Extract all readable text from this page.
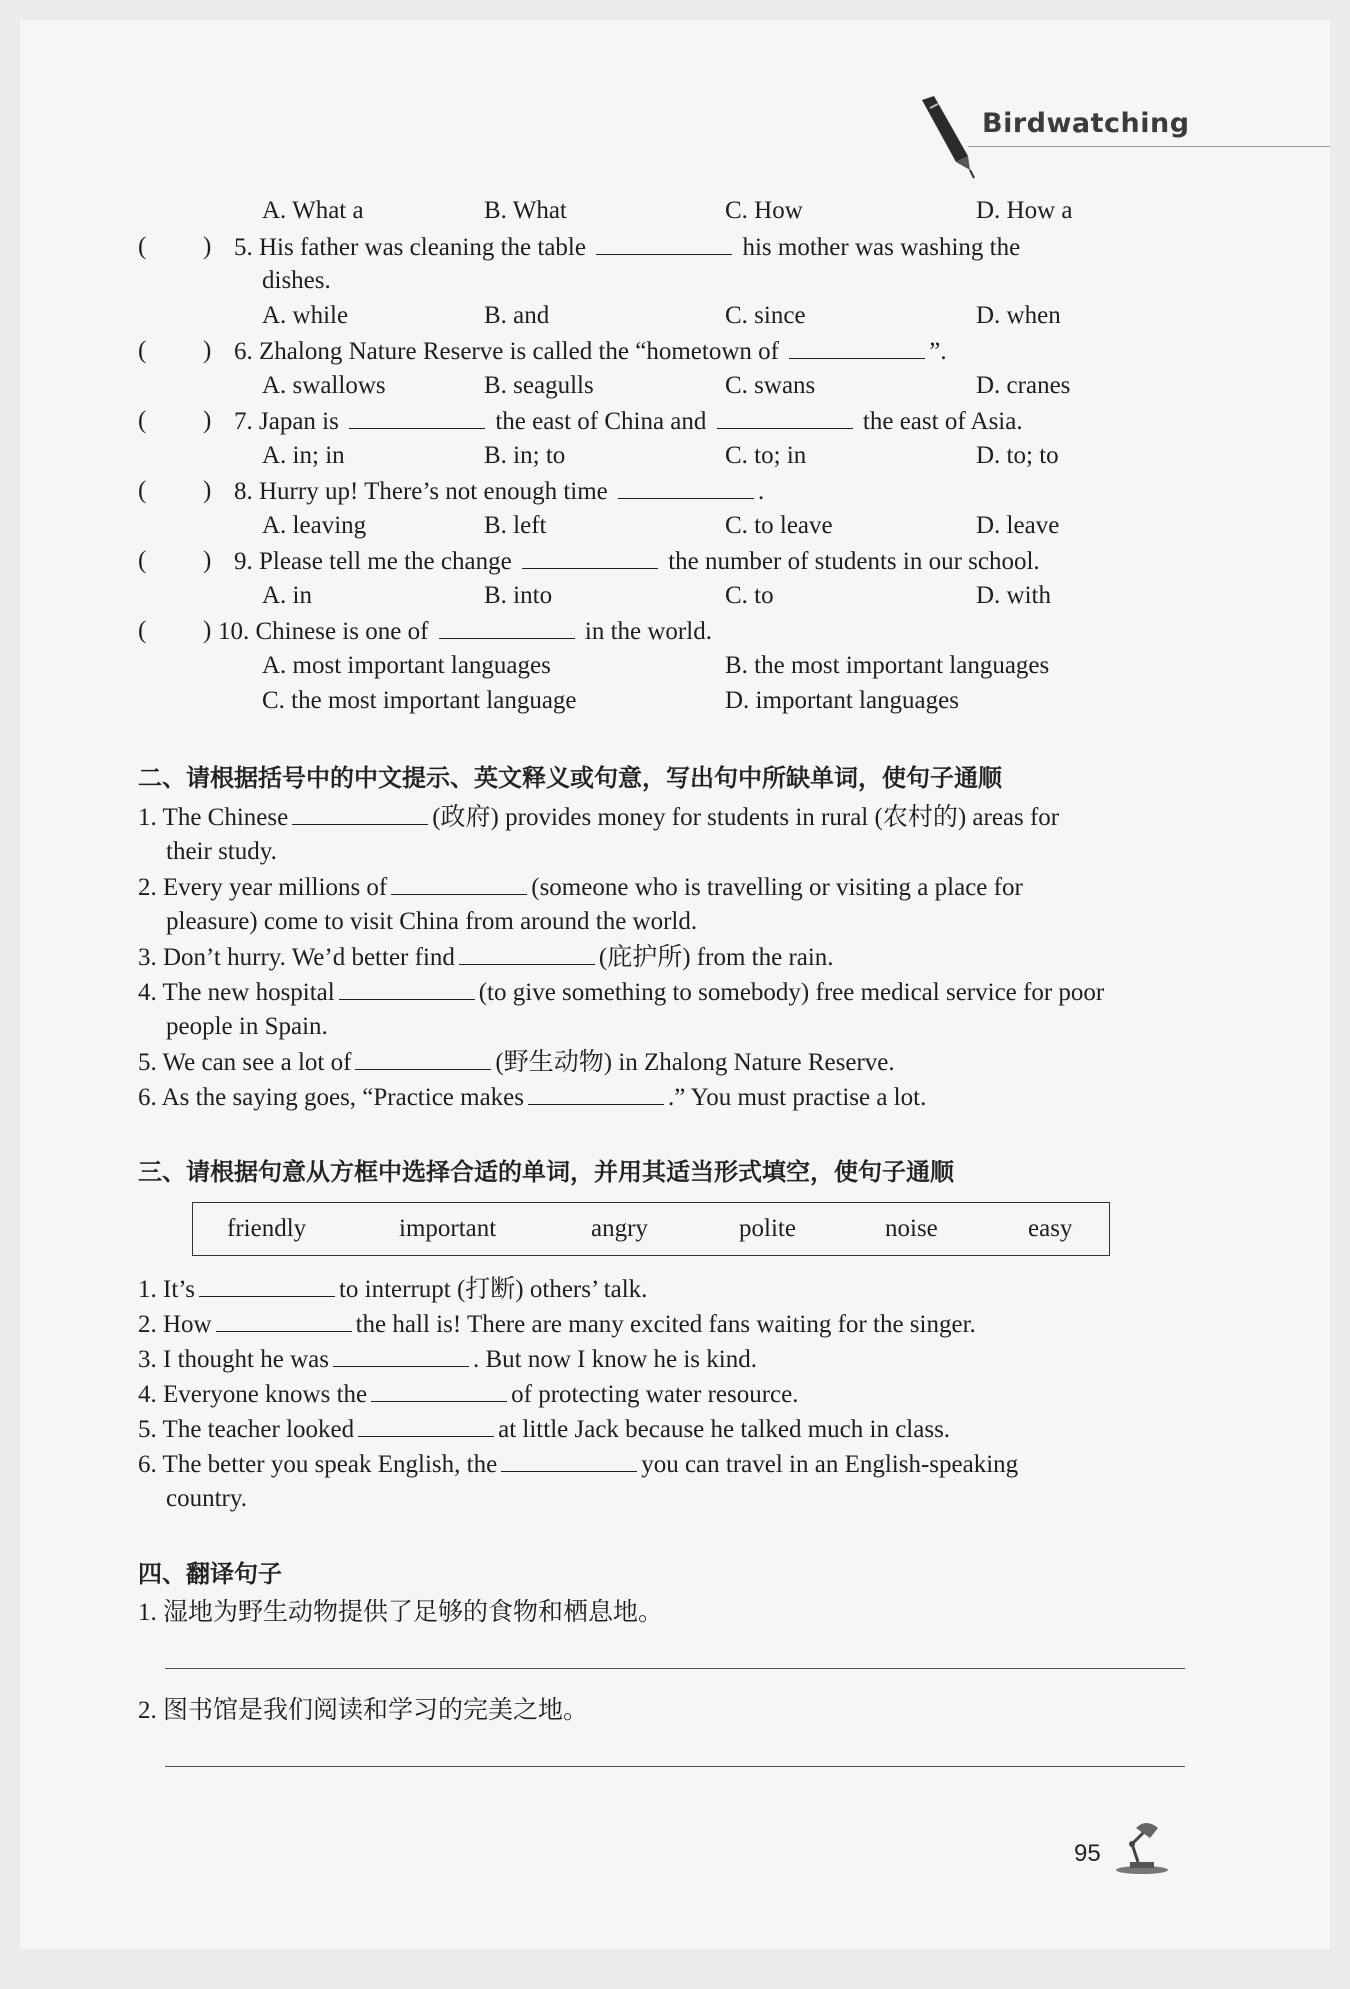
Birdwatching
A. What a	B. What	C. How	D. How a
( ) 5. His father was cleaning the table	his mother was washing the
dishes.
A. while	B. and	C. since	D. when
( ) 6. Zhalong Nature Reserve is called the “hometown of	”.
A. swallows	B. seagulls	C. swans	D. cranes
( ) 7. Japan is	the east of China and	the east of Asia.
A. in; in	B. in; to	C. to; in	D. to; to
( ) 8. Hurry up! There’s not enough time	.
A. leaving	B. left	C. to leave	D. leave
( ) 9. Please tell me the change	the number of students in our school.
A. in	B. into	C. to	D. with
( ) 10. Chinese is one of	in the world.
A. most important languages	B. the most important languages
C. the most important language	D. important languages
二、请根据括号中的中文提示、英文释义或句意，写出句中所缺单词，使句子通顺
1. The Chinese	(政府) provides money for students in rural (农村的) areas for
their study.
2. Every year millions of	(someone who is travelling or visiting a place for
pleasure) come to visit China from around the world.
3. Don’t hurry. We’d better find	(庇护所) from the rain.
4. The new hospital	(to give something to somebody) free medical service for poor
people in Spain.
5. We can see a lot of	(野生动物) in Zhalong Nature Reserve.
6. As the saying goes, “Practice makes	.” You must practise a lot.
三、请根据句意从方框中选择合适的单词，并用其适当形式填空，使句子通顺
friendly	important	angry	polite	noise	easy
1. It’s	to interrupt (打断) others’ talk.
2. How	the hall is! There are many excited fans waiting for the singer.
3. I thought he was	. But now I know he is kind.
4. Everyone knows the	of protecting water resource.
5. The teacher looked	at little Jack because he talked much in class.
6. The better you speak English, the	you can travel in an English-speaking
country.
四、翻译句子
1. 湿地为野生动物提供了足够的食物和栖息地。
2. 图书馆是我们阅读和学习的完美之地。
95
